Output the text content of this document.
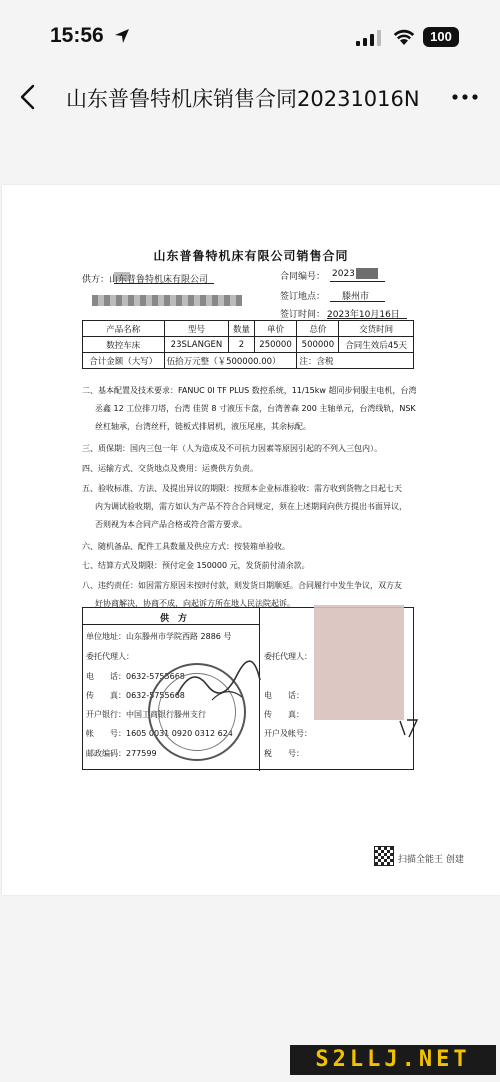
15:56	100
山东普鲁特机床销售合同20231016N
山东普鲁特机床有限公司销售合同
供方：山东普鲁特机床有限公司	合同编号： 2023
签订地点： 滕州市
签订时间： 2023年10月16日
产品名称	型号	数量	单价	总价	交货时间
数控车床	23SLANGEN	2	250000	500000	合同生效后45天
合计金额（大写）	伍拾万元整（￥500000.00）			注：含税	
二、基本配置及技术要求：FANUC 0I TF PLUS 数控系统，11/15kw 超同步伺服主电机，台湾
丞鑫 12 工位排刀塔，台湾 佳贺 8 寸液压卡盘，台湾普森 200 主轴单元，台湾线轨，NSK
丝杠轴承，台湾丝杆，链板式排屑机，液压尾座，其余标配。
三、质保期：国内三包一年（人为造成及不可抗力因素等原因引起的不列入三包内）。
四、运输方式、交货地点及费用：运费供方负责。
五、验收标准、方法、及提出异议的期限：按照本企业标准验收：需方收到货物之日起七天
内为调试验收期，需方如认为产品不符合合同规定，须在上述期间向供方提出书面异议，
否则视为本合同产品合格或符合需方要求。
六、随机备品、配件工具数量及供应方式：按装箱单验收。
七、结算方式及期限：预付定金 150000 元，发货前付清余款。
八、违约责任：如因需方原因未按时付款，则发货日期顺延。合同履行中发生争议，双方友
好协商解决，协商不成，向起诉方所在地人民法院起诉。
供　方
单位地址：山东滕州市学院西路 2886 号
委托代理人：
电　　话：0632-5755668
传　　真：0632-5755668
开户银行：中国工商银行滕州支行
帐　　号：1605 0031 0920 0312 624
邮政编码：277599
委托代理人：
电　　话：
传　　真：
开户及帐号：
税　　号：
扫描全能王 创建
S2LLJ.NET
